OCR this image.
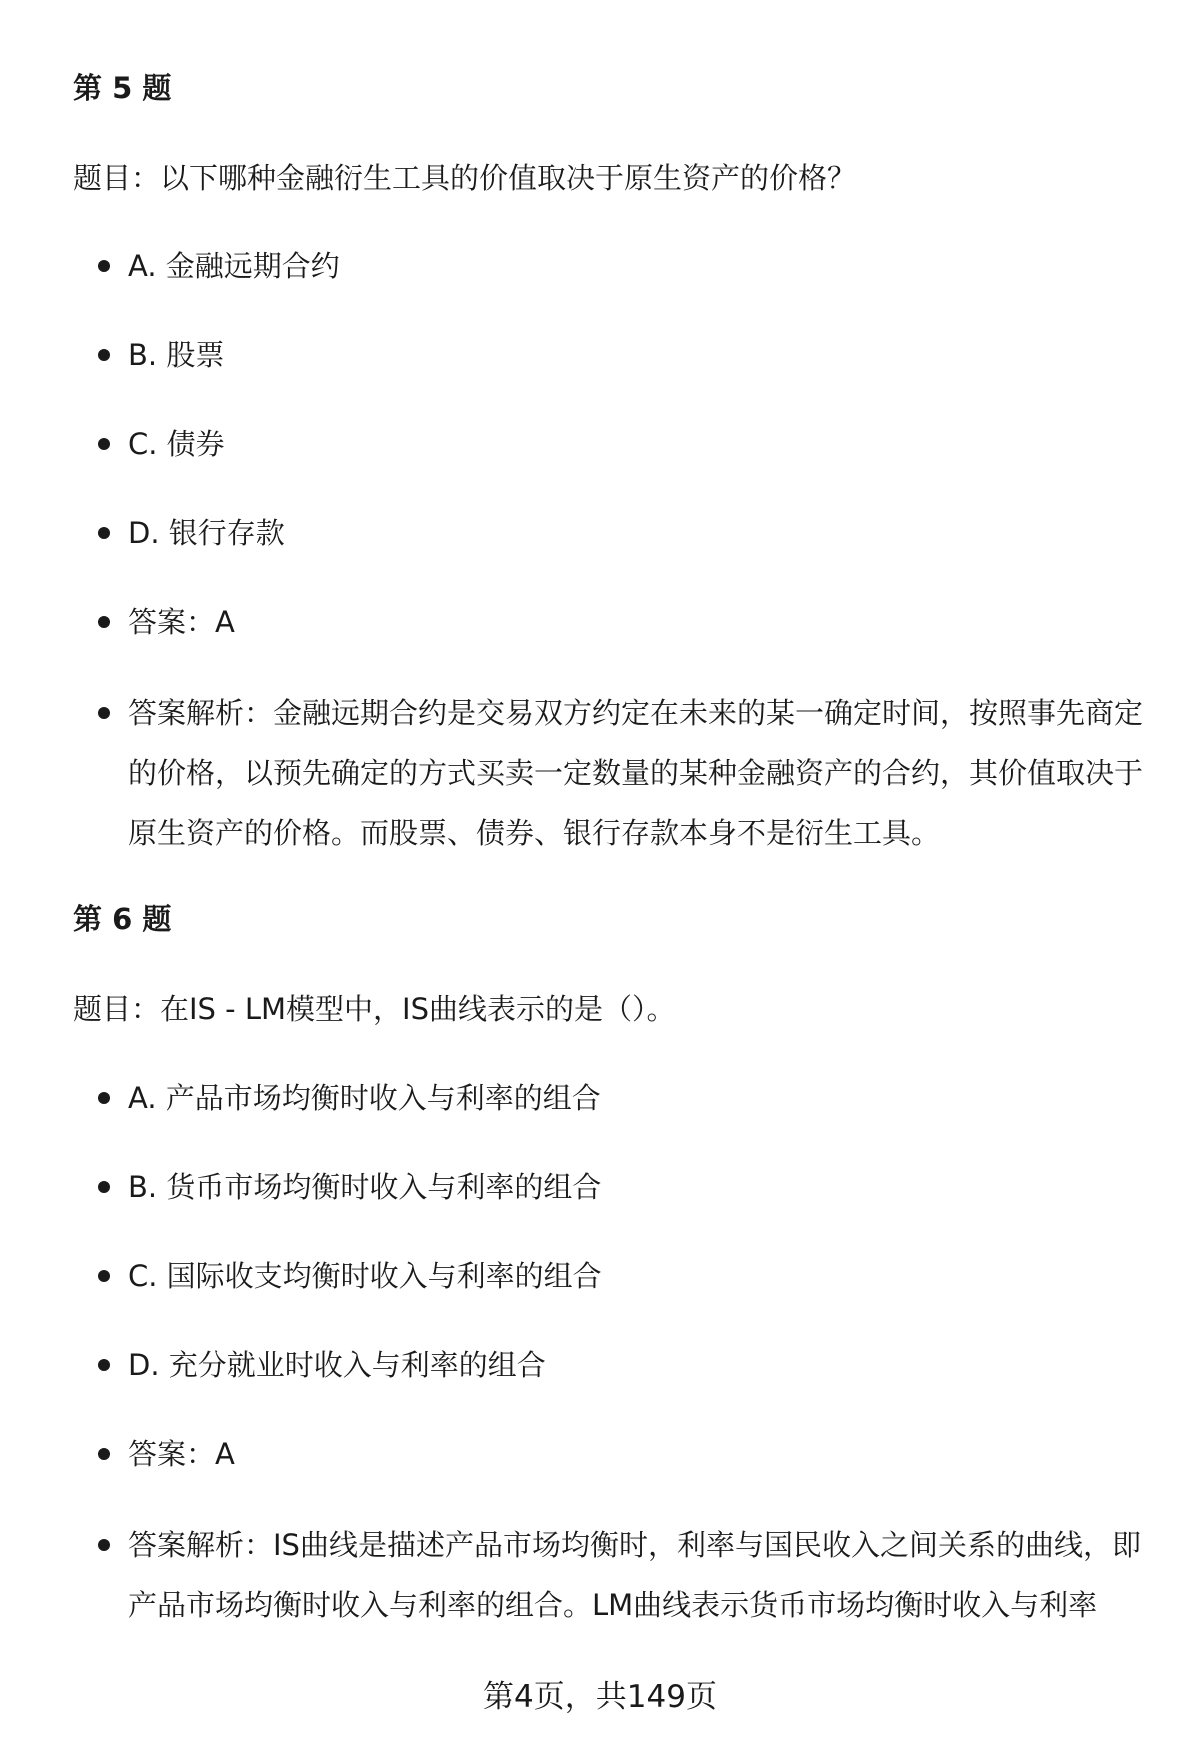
第 5 题

题目：以下哪种金融衍生工具的价值取决于原生资产的价格？

A. 金融远期合约
B. 股票
C. 债券
D. 银行存款
答案：A
答案解析：金融远期合约是交易双方约定在未来的某一确定时间，按照事先商定的价格，以预先确定的方式买卖一定数量的某种金融资产的合约，其价值取决于原生资产的价格。而股票、债券、银行存款本身不是衍生工具。
第 6 题

题目：在IS - LM模型中，IS曲线表示的是（）。

A. 产品市场均衡时收入与利率的组合
B. 货币市场均衡时收入与利率的组合
C. 国际收支均衡时收入与利率的组合
D. 充分就业时收入与利率的组合
答案：A
答案解析：IS曲线是描述产品市场均衡时，利率与国民收入之间关系的曲线，即产品市场均衡时收入与利率的组合。LM曲线表示货币市场均衡时收入与利率

第4页，共149页
